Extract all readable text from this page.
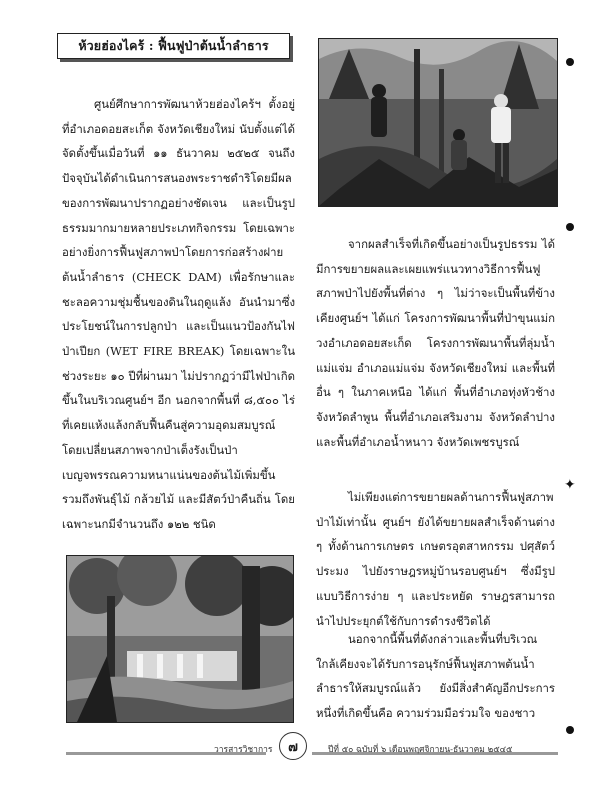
ห้วยฮ่องไคร้ : ฟื้นฟูป่าต้นน้ำลำธาร

ศูนย์ศึกษาการพัฒนาห้วยฮ่องไคร้ฯ ตั้งอยู่ที่อำเภอดอยสะเก็ต จังหวัดเชียงใหม่ นับตั้งแต่ได้จัดตั้งขึ้นเมื่อวันที่ ๑๑ ธันวาคม ๒๕๒๕ จนถึงปัจจุบันได้ดำเนินการสนองพระราชดำริโดยมีผลของการพัฒนาปรากฏอย่างชัดเจน และเป็นรูปธรรมมากมายหลายประเภทกิจกรรม โดยเฉพาะอย่างยิ่งการฟื้นฟูสภาพป่าโดยการก่อสร้างฝายต้นน้ำลำธาร (CHECK DAM) เพื่อรักษาและชะลอความชุ่มชื้นของดินในฤดูแล้ง อันนำมาซึ่งประโยชน์ในการปลูกป่า และเป็นแนวป้องกันไฟป่าเปียก (WET FIRE BREAK) โดยเฉพาะในช่วงระยะ ๑๐ ปีที่ผ่านมา ไม่ปรากฏว่ามีไฟป่าเกิดขึ้นในบริเวณศูนย์ฯ อีก นอกจากพื้นที่ ๘,๕๐๐ ไร่ ที่เคยแห้งแล้งกลับฟื้นคืนสู่ความอุดมสมบูรณ์ โดยเปลี่ยนสภาพจากป่าเต็งรังเป็นป่าเบญจพรรณความหนาแน่นของต้นไม้เพิ่มขึ้นรวมถึงพันธุ์ไม้ กล้วยไม้ และมีสัตว์ป่าคืนถิ่น โดยเฉพาะนกมีจำนวนถึง ๑๒๒ ชนิด

✦

จากผลสำเร็จที่เกิดขึ้นอย่างเป็นรูปธรรม ได้มีการขยายผลและเผยแพร่แนวทางวิธีการฟื้นฟูสภาพป่าไปยังพื้นที่ต่าง ๆ ไม่ว่าจะเป็นพื้นที่ข้างเคียงศูนย์ฯ ได้แก่ โครงการพัฒนาพื้นที่ป่าขุนแม่กวงอำเภอดอยสะเก็ด โครงการพัฒนาพื้นที่ลุ่มน้ำแม่แจ่ม อำเภอแม่แจ่ม จังหวัดเชียงใหม่ และพื้นที่อื่น ๆ ในภาคเหนือ ได้แก่ พื้นที่อำเภอทุ่งหัวช้าง จังหวัดลำพูน พื้นที่อำเภอเสริมงาม จังหวัดลำปาง และพื้นที่อำเภอน้ำหนาว จังหวัดเพชรบูรณ์

ไม่เพียงแต่การขยายผลด้านการฟื้นฟูสภาพป่าไม้เท่านั้น ศูนย์ฯ ยังได้ขยายผลสำเร็จด้านต่าง ๆ ทั้งด้านการเกษตร เกษตรอุตสาหกรรม ปศุสัตว์ ประมง ไปยังราษฎรหมู่บ้านรอบศูนย์ฯ ซึ่งมีรูปแบบวิธีการง่าย ๆ และประหยัด ราษฎรสามารถนำไปประยุกต์ใช้กับการดำรงชีวิตได้

นอกจากนี้พื้นที่ดังกล่าวและพื้นที่บริเวณใกล้เคียงจะได้รับการอนุรักษ์ฟื้นฟูสภาพต้นน้ำลำธารให้สมบูรณ์แล้ว ยังมีสิ่งสำคัญอีกประการหนึ่งที่เกิดขึ้นคือ ความร่วมมือร่วมใจ ของชาว

วารสารวิชาการ	๗	ปีที่ ๕๐ ฉบับที่ ๖ เดือนพฤศจิกายน-ธันวาคม ๒๕๔๕
